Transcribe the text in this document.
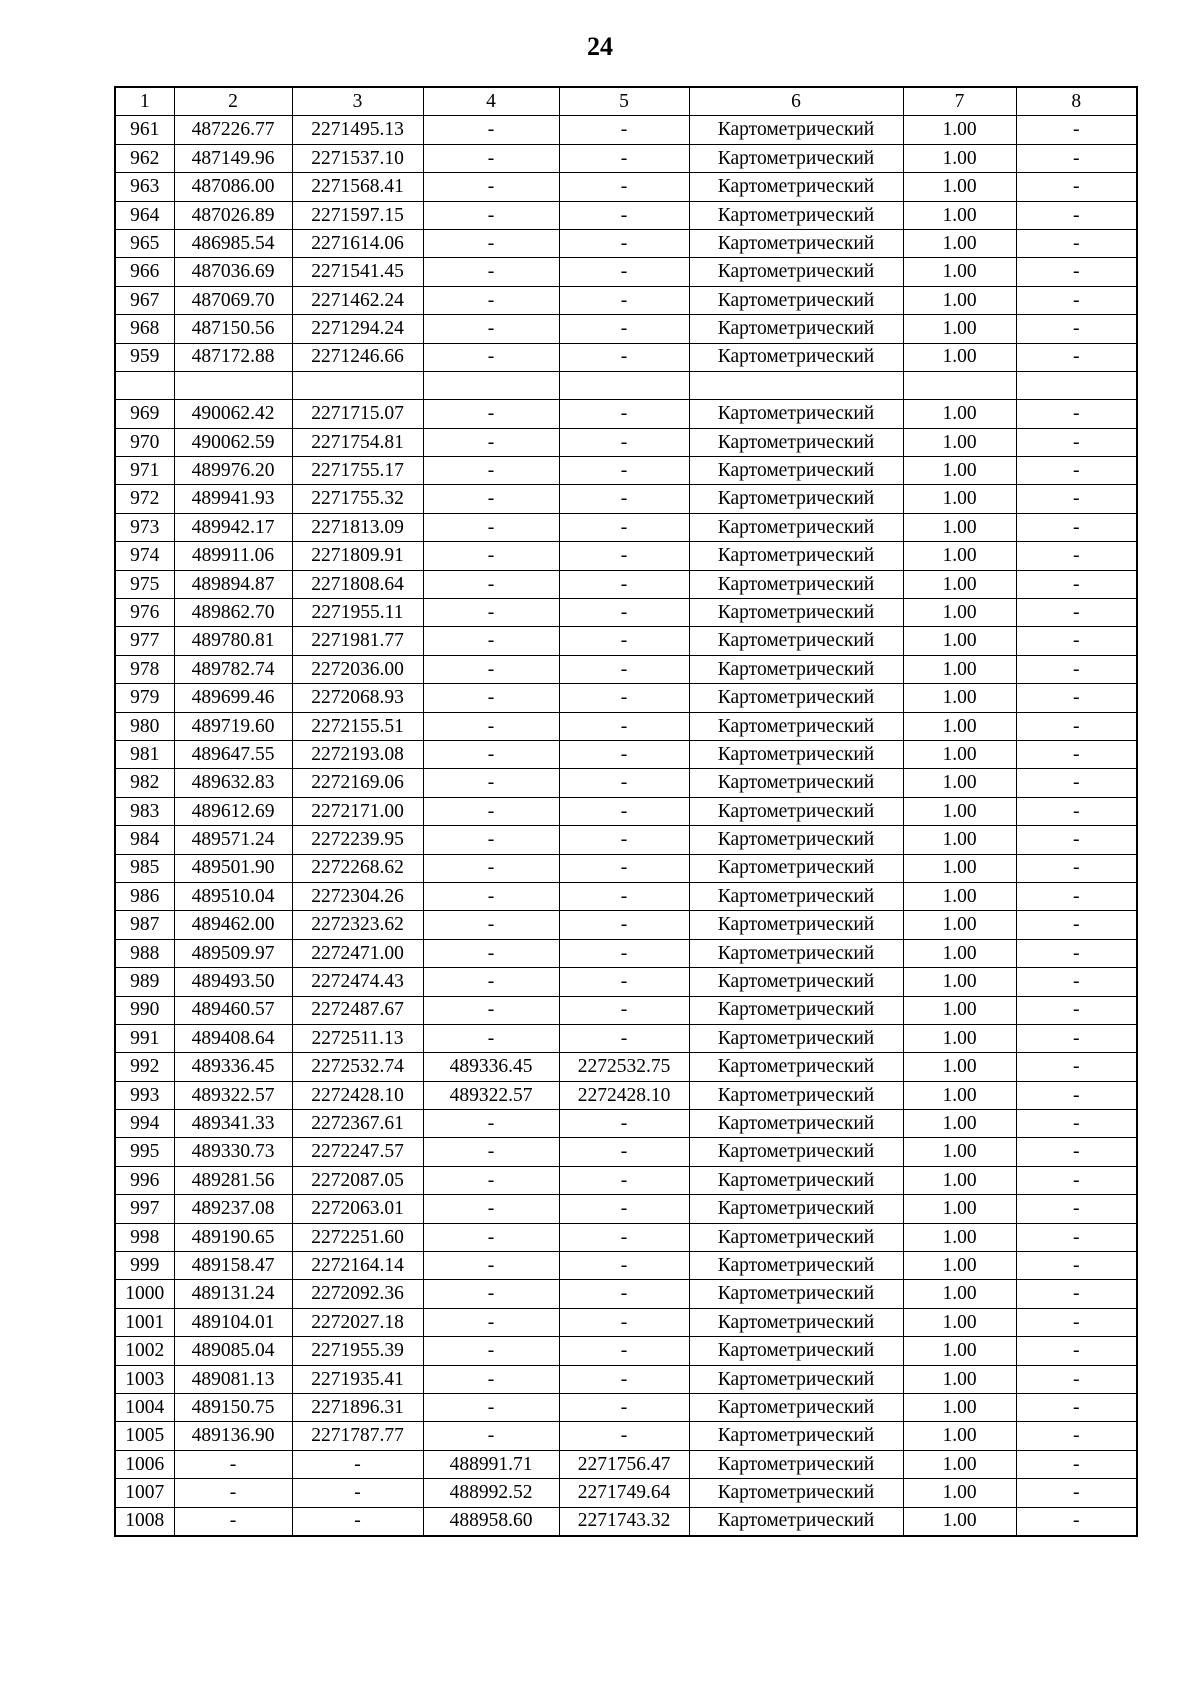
24
1	2	3	4	5	6	7	8
961	487226.77	2271495.13	-	-	Картометрический	1.00	-
962	487149.96	2271537.10	-	-	Картометрический	1.00	-
963	487086.00	2271568.41	-	-	Картометрический	1.00	-
964	487026.89	2271597.15	-	-	Картометрический	1.00	-
965	486985.54	2271614.06	-	-	Картометрический	1.00	-
966	487036.69	2271541.45	-	-	Картометрический	1.00	-
967	487069.70	2271462.24	-	-	Картометрический	1.00	-
968	487150.56	2271294.24	-	-	Картометрический	1.00	-
959	487172.88	2271246.66	-	-	Картометрический	1.00	-

969	490062.42	2271715.07	-	-	Картометрический	1.00	-
970	490062.59	2271754.81	-	-	Картометрический	1.00	-
971	489976.20	2271755.17	-	-	Картометрический	1.00	-
972	489941.93	2271755.32	-	-	Картометрический	1.00	-
973	489942.17	2271813.09	-	-	Картометрический	1.00	-
974	489911.06	2271809.91	-	-	Картометрический	1.00	-
975	489894.87	2271808.64	-	-	Картометрический	1.00	-
976	489862.70	2271955.11	-	-	Картометрический	1.00	-
977	489780.81	2271981.77	-	-	Картометрический	1.00	-
978	489782.74	2272036.00	-	-	Картометрический	1.00	-
979	489699.46	2272068.93	-	-	Картометрический	1.00	-
980	489719.60	2272155.51	-	-	Картометрический	1.00	-
981	489647.55	2272193.08	-	-	Картометрический	1.00	-
982	489632.83	2272169.06	-	-	Картометрический	1.00	-
983	489612.69	2272171.00	-	-	Картометрический	1.00	-
984	489571.24	2272239.95	-	-	Картометрический	1.00	-
985	489501.90	2272268.62	-	-	Картометрический	1.00	-
986	489510.04	2272304.26	-	-	Картометрический	1.00	-
987	489462.00	2272323.62	-	-	Картометрический	1.00	-
988	489509.97	2272471.00	-	-	Картометрический	1.00	-
989	489493.50	2272474.43	-	-	Картометрический	1.00	-
990	489460.57	2272487.67	-	-	Картометрический	1.00	-
991	489408.64	2272511.13	-	-	Картометрический	1.00	-
992	489336.45	2272532.74	489336.45	2272532.75	Картометрический	1.00	-
993	489322.57	2272428.10	489322.57	2272428.10	Картометрический	1.00	-
994	489341.33	2272367.61	-	-	Картометрический	1.00	-
995	489330.73	2272247.57	-	-	Картометрический	1.00	-
996	489281.56	2272087.05	-	-	Картометрический	1.00	-
997	489237.08	2272063.01	-	-	Картометрический	1.00	-
998	489190.65	2272251.60	-	-	Картометрический	1.00	-
999	489158.47	2272164.14	-	-	Картометрический	1.00	-
1000	489131.24	2272092.36	-	-	Картометрический	1.00	-
1001	489104.01	2272027.18	-	-	Картометрический	1.00	-
1002	489085.04	2271955.39	-	-	Картометрический	1.00	-
1003	489081.13	2271935.41	-	-	Картометрический	1.00	-
1004	489150.75	2271896.31	-	-	Картометрический	1.00	-
1005	489136.90	2271787.77	-	-	Картометрический	1.00	-
1006	-	-	488991.71	2271756.47	Картометрический	1.00	-
1007	-	-	488992.52	2271749.64	Картометрический	1.00	-
1008	-	-	488958.60	2271743.32	Картометрический	1.00	-
